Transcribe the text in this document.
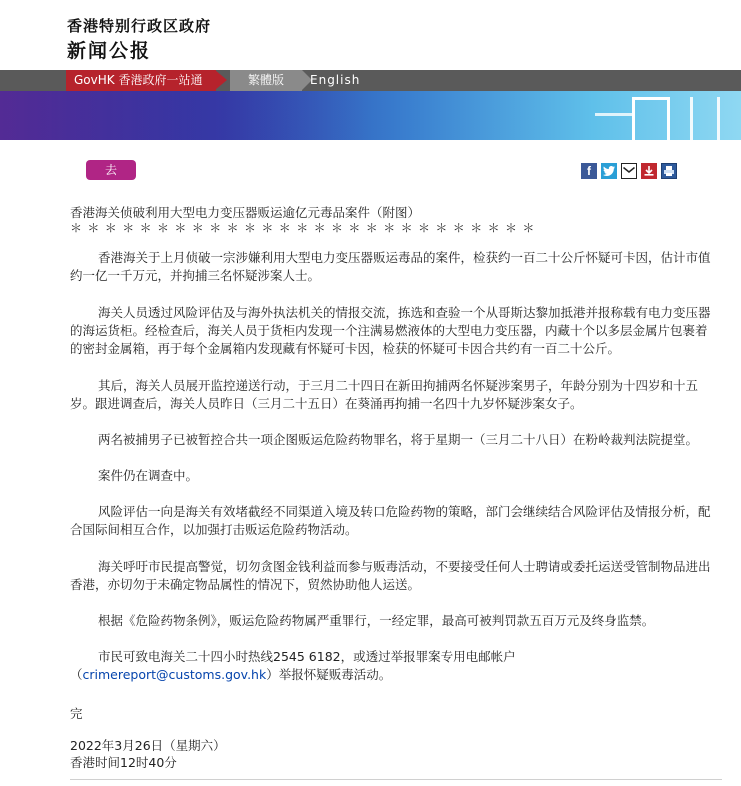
香港特别行政区政府
新闻公报
GovHK 香港政府一站通	繁體版	English
去	f
香港海关侦破利用大型电力变压器贩运逾亿元毒品案件（附图）
＊＊＊＊＊＊＊＊＊＊＊＊＊＊＊＊＊＊＊＊＊＊＊＊＊＊＊

香港海关于上月侦破一宗涉嫌利用大型电力变压器贩运毒品的案件，检获约一百二十公斤怀疑可卡因，估计市值约一亿一千万元，并拘捕三名怀疑涉案人士。

海关人员透过风险评估及与海外执法机关的情报交流，拣选和查验一个从哥斯达黎加抵港并报称载有电力变压器的海运货柜。经检查后，海关人员于货柜内发现一个注满易燃液体的大型电力变压器，内藏十个以多层金属片包裹着的密封金属箱，再于每个金属箱内发现藏有怀疑可卡因，检获的怀疑可卡因合共约有一百二十公斤。

其后，海关人员展开监控递送行动，于三月二十四日在新田拘捕两名怀疑涉案男子，年龄分别为十四岁和十五岁。跟进调查后，海关人员昨日（三月二十五日）在葵涌再拘捕一名四十九岁怀疑涉案女子。

两名被捕男子已被暂控合共一项企图贩运危险药物罪名，将于星期一（三月二十八日）在粉岭裁判法院提堂。

案件仍在调查中。

风险评估一向是海关有效堵截经不同渠道入境及转口危险药物的策略，部门会继续结合风险评估及情报分析，配合国际间相互合作，以加强打击贩运危险药物活动。

海关呼吁市民提高警觉，切勿贪图金钱利益而参与贩毒活动，不要接受任何人士聘请或委托运送受管制物品进出香港，亦切勿于未确定物品属性的情况下，贸然协助他人运送。

根据《危险药物条例》，贩运危险药物属严重罪行，一经定罪，最高可被判罚款五百万元及终身监禁。

市民可致电海关二十四小时热线2545 6182，或透过举报罪案专用电邮帐户（crimereport@customs.gov.hk）举报怀疑贩毒活动。

完
2022年3月26日（星期六）
香港时间12时40分
